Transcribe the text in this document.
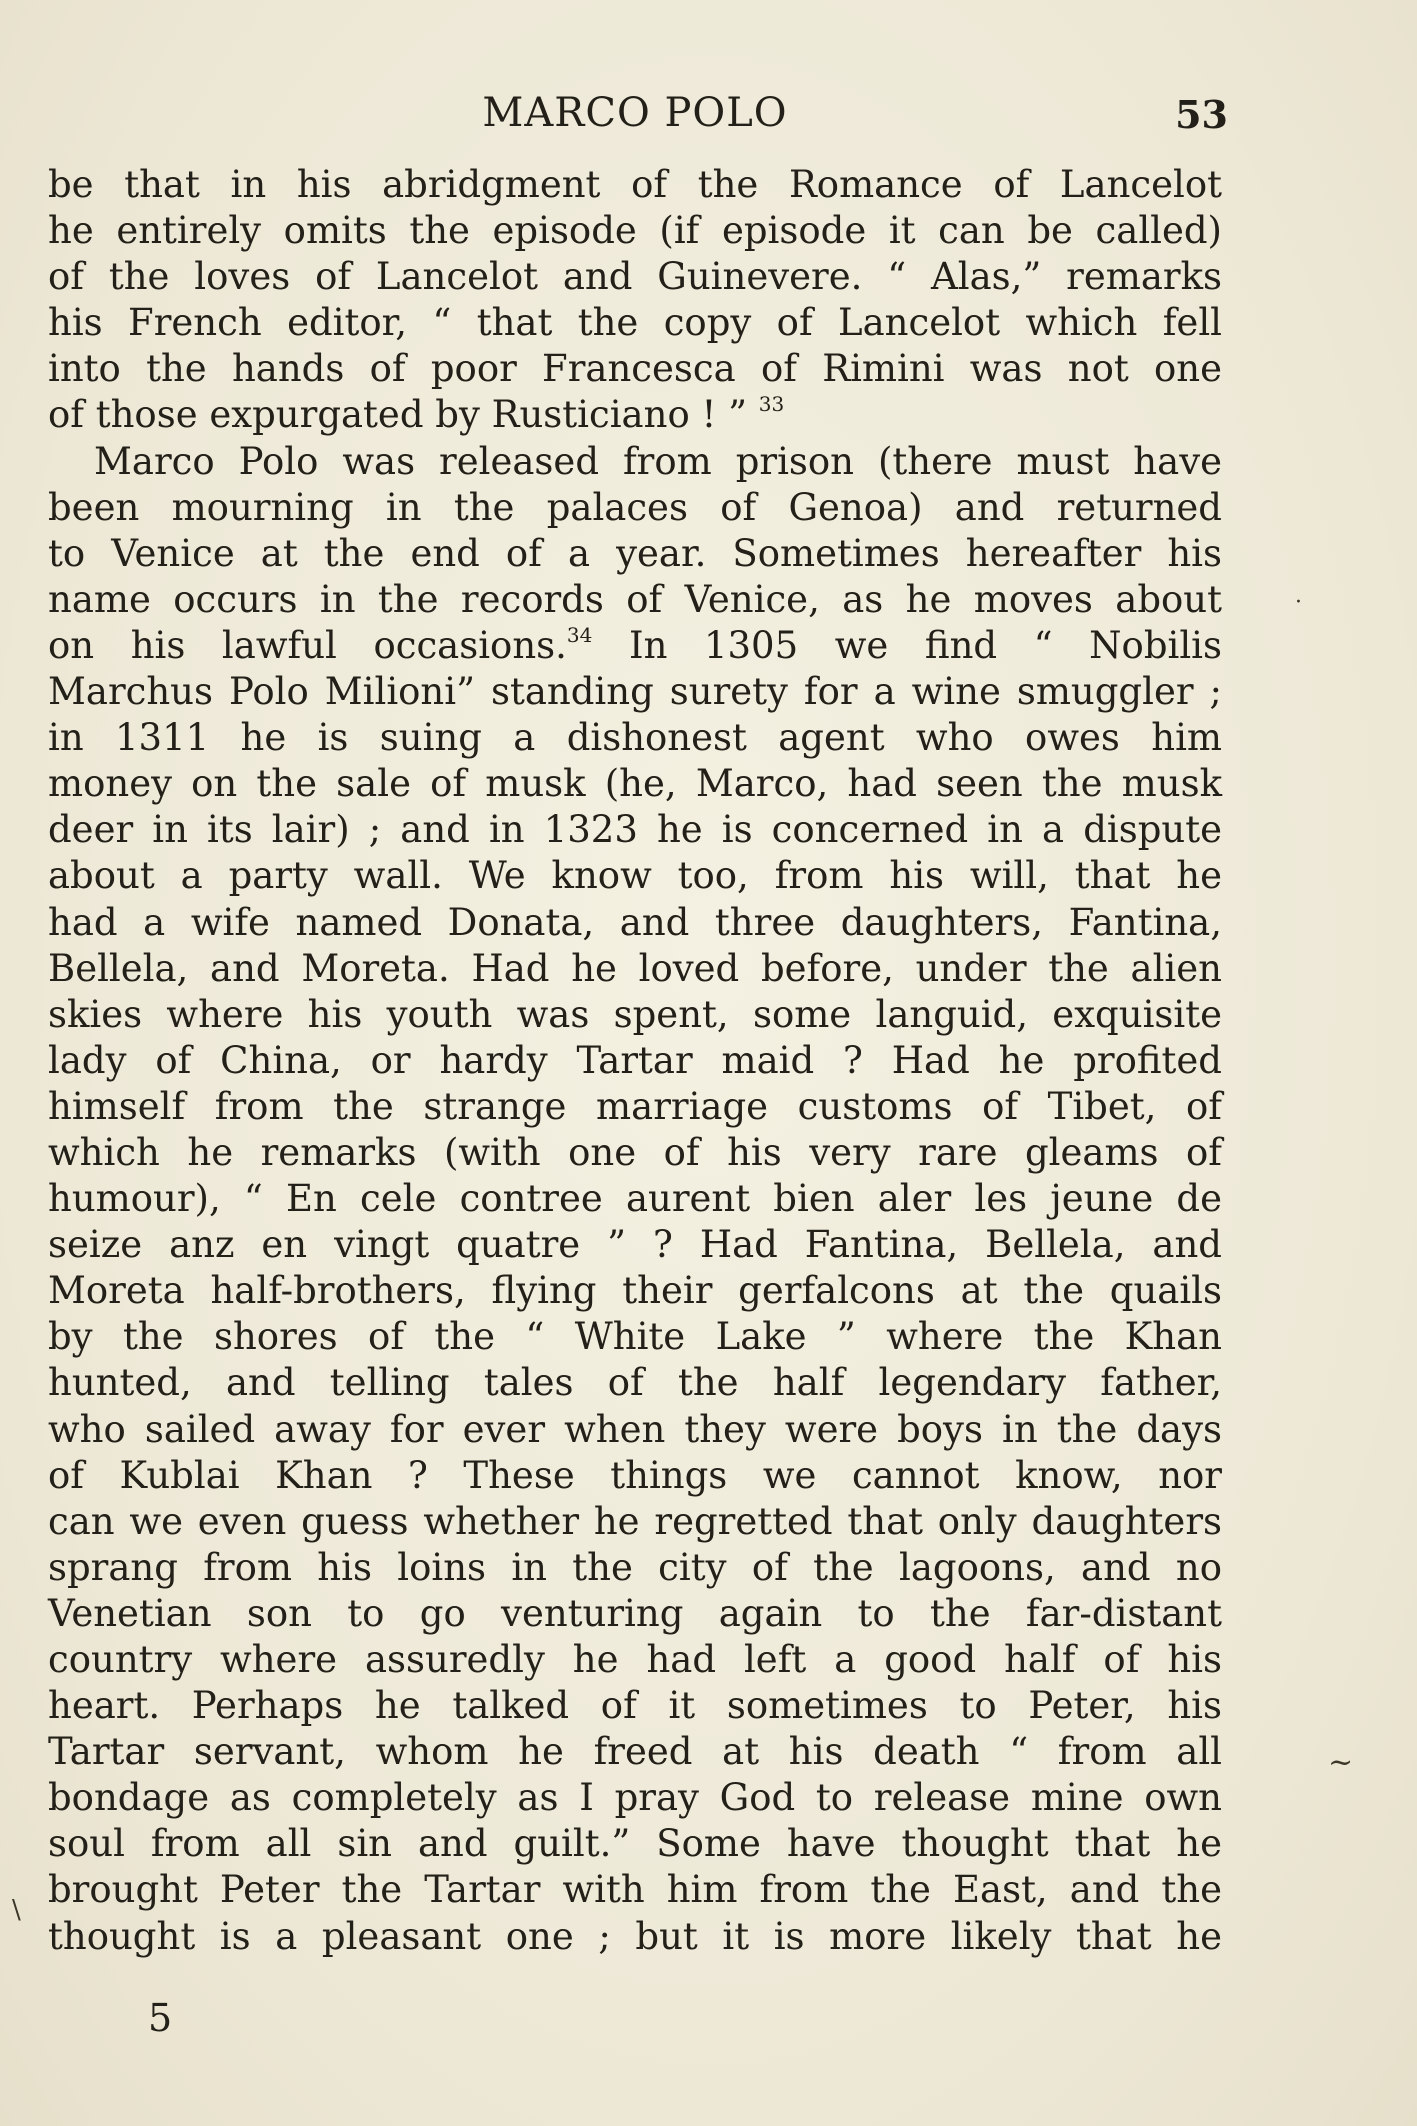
MARCO POLO	53
be that in his abridgment of the Romance of Lancelot
he entirely omits the episode (if episode it can be called)
of the loves of Lancelot and Guinevere. “ Alas,” remarks
his French editor, “ that the copy of Lancelot which fell
into the hands of poor Francesca of Rimini was not one
of those expurgated by Rusticiano ! ” $^{33}$
Marco Polo was released from prison (there must have
been mourning in the palaces of Genoa) and returned
to Venice at the end of a year. Sometimes hereafter his
name occurs in the records of Venice, as he moves about
on his lawful occasions.$^{34}$ In 1305 we find “ Nobilis
Marchus Polo Milioni” standing surety for a wine smuggler ;
in 1311 he is suing a dishonest agent who owes him
money on the sale of musk (he, Marco, had seen the musk
deer in its lair) ; and in 1323 he is concerned in a dispute
about a party wall. We know too, from his will, that he
had a wife named Donata, and three daughters, Fantina,
Bellela, and Moreta. Had he loved before, under the alien
skies where his youth was spent, some languid, exquisite
lady of China, or hardy Tartar maid ? Had he profited
himself from the strange marriage customs of Tibet, of
which he remarks (with one of his very rare gleams of
humour), “ En cele contree aurent bien aler les jeune de
seize anz en vingt quatre ” ? Had Fantina, Bellela, and
Moreta half-brothers, flying their gerfalcons at the quails
by the shores of the “ White Lake ” where the Khan
hunted, and telling tales of the half legendary father,
who sailed away for ever when they were boys in the days
of Kublai Khan ? These things we cannot know, nor
can we even guess whether he regretted that only daughters
sprang from his loins in the city of the lagoons, and no
Venetian son to go venturing again to the far-distant
country where assuredly he had left a good half of his
heart. Perhaps he talked of it sometimes to Peter, his
Tartar servant, whom he freed at his death “ from all
bondage as completely as I pray God to release mine own
soul from all sin and guilt.” Some have thought that he
brought Peter the Tartar with him from the East, and the
thought is a pleasant one ; but it is more likely that he
5
·
~
\
